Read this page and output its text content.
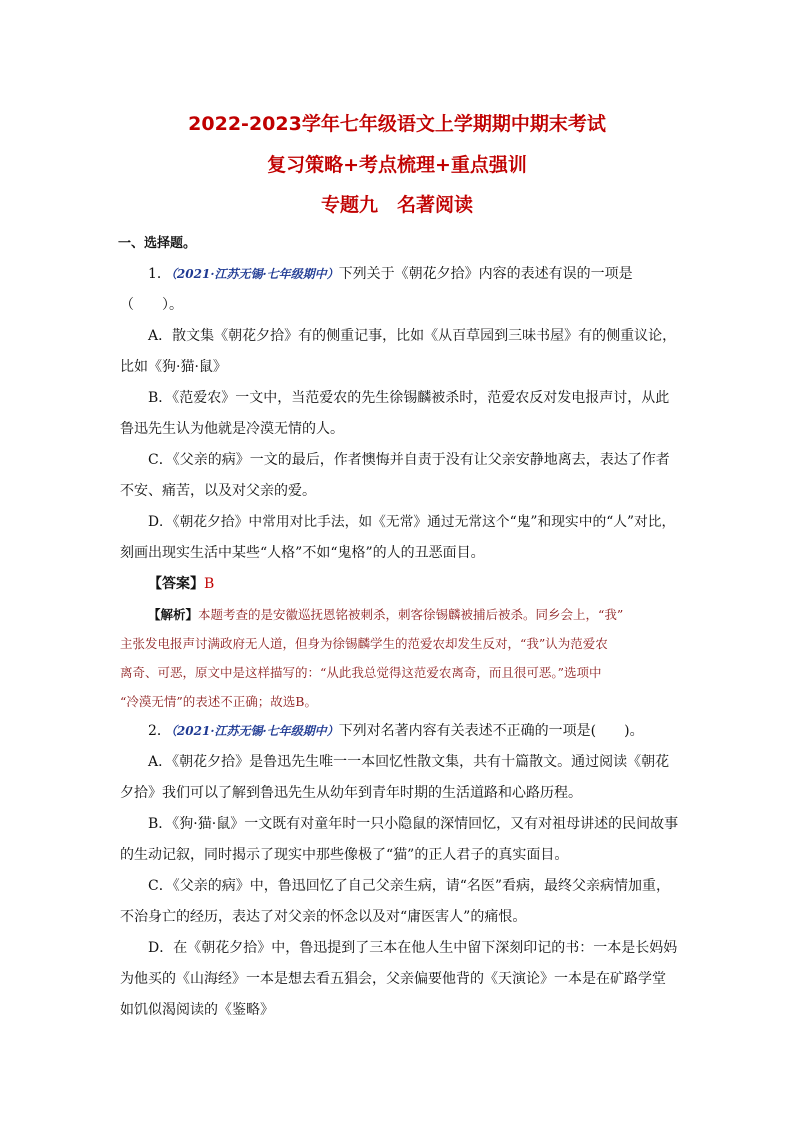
2022-2023学年七年级语文上学期期中期末考试
复习策略+考点梳理+重点强训
专题九　名著阅读

一、选择题。

1．（2021·江苏无锡·七年级期中）下列关于《朝花夕拾》内容的表述有误的一项是

（　　）。

A．散文集《朝花夕拾》有的侧重记事，比如《从百草园到三味书屋》有的侧重议论，

比如《狗·猫·鼠》

B．《范爱农》一文中，当范爱农的先生徐锡麟被杀时，范爱农反对发电报声讨，从此

鲁迅先生认为他就是冷漠无情的人。

C．《父亲的病》一文的最后，作者懊悔并自责于没有让父亲安静地离去，表达了作者

不安、痛苦，以及对父亲的爱。

D．《朝花夕拾》中常用对比手法，如《无常》通过无常这个“鬼”和现实中的“人”对比，

刻画出现实生活中某些“人格”不如“鬼格”的人的丑恶面目。

【答案】B

【解析】本题考查的是安徽巡抚恩铭被刺杀，刺客徐锡麟被捕后被杀。同乡会上，“我”

主张发电报声讨满政府无人道，但身为徐锡麟学生的范爱农却发生反对，“我”认为范爱农

离奇、可恶，原文中是这样描写的：“从此我总觉得这范爱农离奇，而且很可恶。”选项中

“冷漠无情”的表述不正确；故选B。

2．（2021·江苏无锡·七年级期中）下列对名著内容有关表述不正确的一项是(　　)。

A．《朝花夕拾》是鲁迅先生唯一一本回忆性散文集，共有十篇散文。通过阅读《朝花

夕拾》我们可以了解到鲁迅先生从幼年到青年时期的生活道路和心路历程。

B．《狗·猫·鼠》一文既有对童年时一只小隐鼠的深情回忆，又有对祖母讲述的民间故事

的生动记叙，同时揭示了现实中那些像极了“猫”的正人君子的真实面目。

C．《父亲的病》中，鲁迅回忆了自己父亲生病，请“名医”看病，最终父亲病情加重，

不治身亡的经历，表达了对父亲的怀念以及对“庸医害人”的痛恨。

D．在《朝花夕拾》中，鲁迅提到了三本在他人生中留下深刻印记的书：一本是长妈妈

为他买的《山海经》一本是想去看五猖会，父亲偏要他背的《天演论》一本是在矿路学堂

如饥似渴阅读的《鉴略》
